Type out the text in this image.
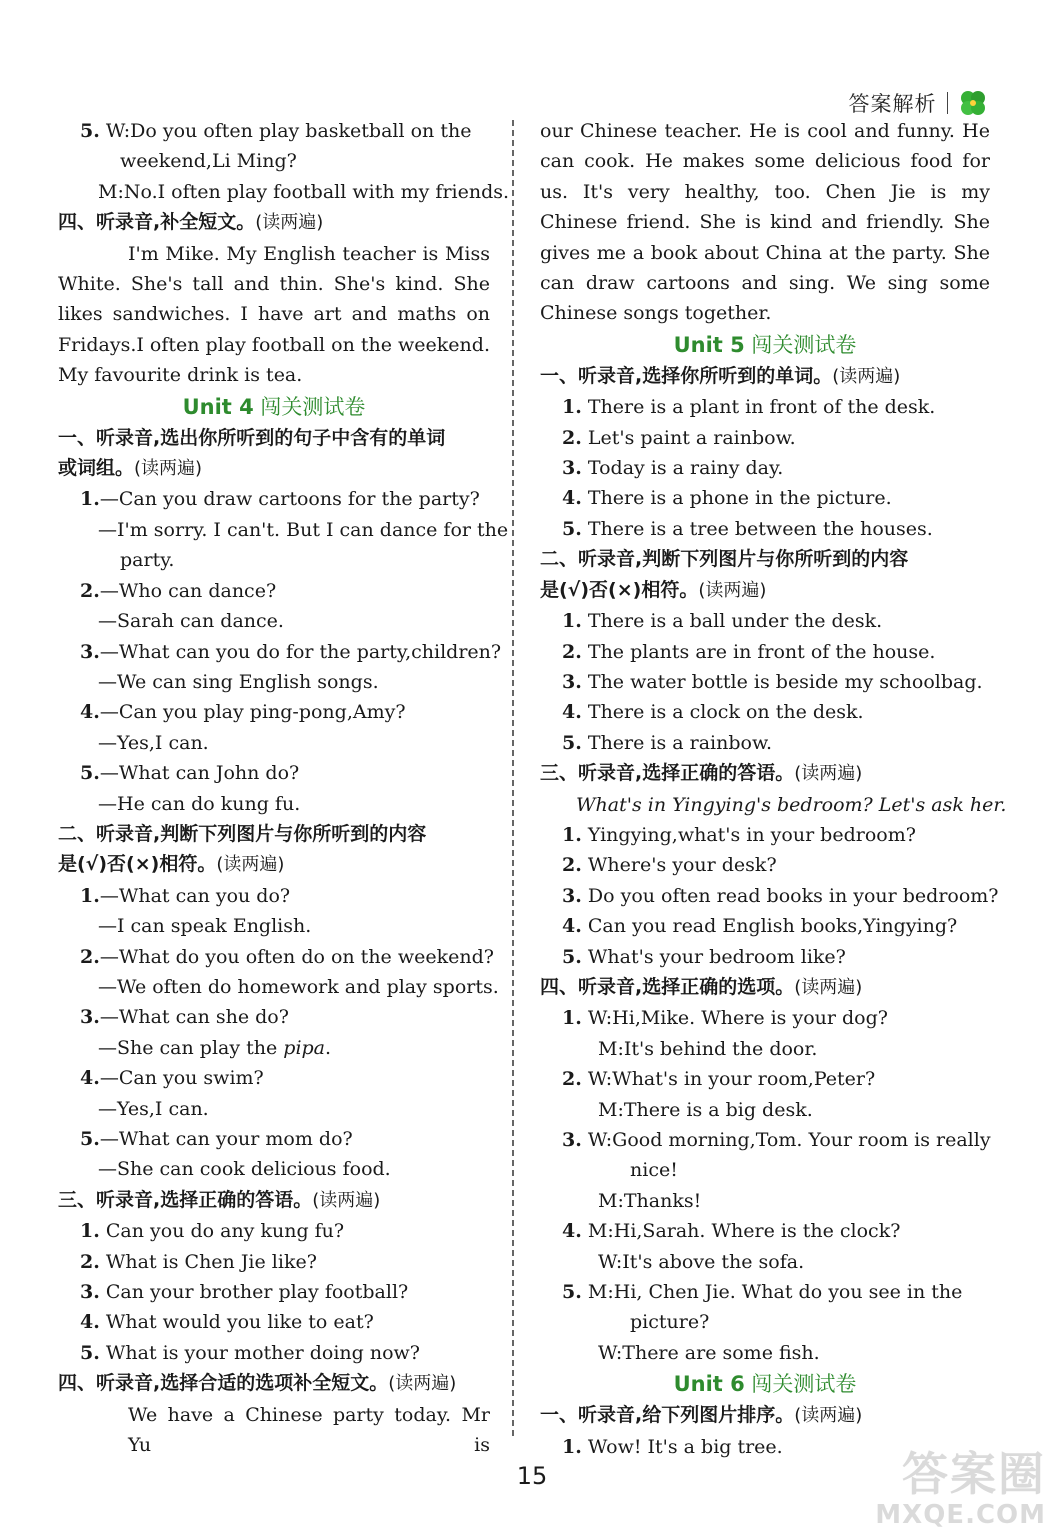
答案解析
5. W:Do you often play basketball on the
weekend,Li Ming?
M:No.I often play football with my friends.
四、听录音,补全短文。(读两遍)
I'm Mike. My English teacher is Miss
White. She's tall and thin. She's kind. She
likes sandwiches. I have art and maths on
Fridays.I often play football on the weekend.
My favourite drink is tea.
Unit 4 闯关测试卷
一、听录音,选出你所听到的句子中含有的单词
或词组。(读两遍)
1.—Can you draw cartoons for the party?
—I'm sorry. I can't. But I can dance for the
party.
2.—Who can dance?
—Sarah can dance.
3.—What can you do for the party,children?
—We can sing English songs.
4.—Can you play ping-pong,Amy?
—Yes,I can.
5.—What can John do?
—He can do kung fu.
二、听录音,判断下列图片与你所听到的内容
是(√)否(×)相符。(读两遍)
1.—What can you do?
—I can speak English.
2.—What do you often do on the weekend?
—We often do homework and play sports.
3.—What can she do?
—She can play the pipa.
4.—Can you swim?
—Yes,I can.
5.—What can your mom do?
—She can cook delicious food.
三、听录音,选择正确的答语。(读两遍)
1. Can you do any kung fu?
2. What is Chen Jie like?
3. Can your brother play football?
4. What would you like to eat?
5. What is your mother doing now?
四、听录音,选择合适的选项补全短文。(读两遍)
We have a Chinese party today. Mr Yu is
our Chinese teacher. He is cool and funny. He
can cook. He makes some delicious food for
us. It's very healthy, too. Chen Jie is my
Chinese friend. She is kind and friendly. She
gives me a book about China at the party. She
can draw cartoons and sing. We sing some
Chinese songs together.
Unit 5 闯关测试卷
一、听录音,选择你所听到的单词。(读两遍)
1. There is a plant in front of the desk.
2. Let's paint a rainbow.
3. Today is a rainy day.
4. There is a phone in the picture.
5. There is a tree between the houses.
二、听录音,判断下列图片与你所听到的内容
是(√)否(×)相符。(读两遍)
1. There is a ball under the desk.
2. The plants are in front of the house.
3. The water bottle is beside my schoolbag.
4. There is a clock on the desk.
5. There is a rainbow.
三、听录音,选择正确的答语。(读两遍)
What's in Yingying's bedroom? Let's ask her.
1. Yingying,what's in your bedroom?
2. Where's your desk?
3. Do you often read books in your bedroom?
4. Can you read English books,Yingying?
5. What's your bedroom like?
四、听录音,选择正确的选项。(读两遍)
1. W:Hi,Mike. Where is your dog?
M:It's behind the door.
2. W:What's in your room,Peter?
M:There is a big desk.
3. W:Good morning,Tom. Your room is really
nice!
M:Thanks!
4. M:Hi,Sarah. Where is the clock?
W:It's above the sofa.
5. M:Hi, Chen Jie. What do you see in the
picture?
W:There are some fish.
Unit 6 闯关测试卷
一、听录音,给下列图片排序。(读两遍)
1. Wow! It's a big tree.
15	答案圈
MXQE.COM
